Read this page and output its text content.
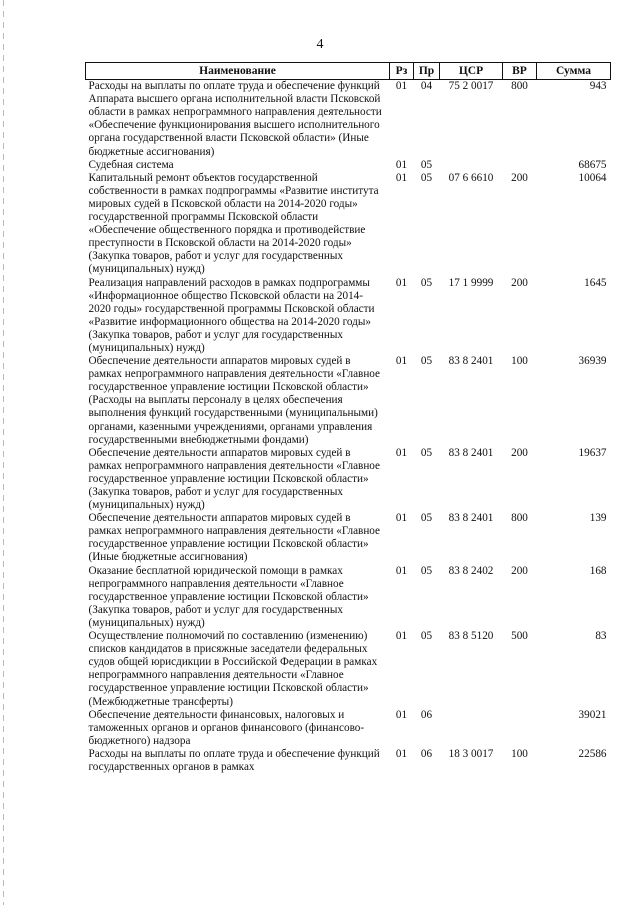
4
Наименование	Рз	Пр	ЦСР	ВР	Сумма
Расходы на выплаты по оплате труда и обеспечение функций Аппарата высшего органа исполнительной власти Псковской области в рамках непрограммного направления деятельности «Обеспечение функционирования высшего исполнительного органа государственной власти Псковской области» (Иные бюджетные ассигнования)	01	04	75 2 0017	800	943
Судебная система	01	05			68675
Капитальный ремонт объектов государственной собственности в рамках подпрограммы «Развитие института мировых судей в Псковской области на 2014-2020 годы» государственной программы Псковской области «Обеспечение общественного порядка и противодействие преступности в Псковской области на 2014-2020 годы» (Закупка товаров, работ и услуг для государственных (муниципальных) нужд)	01	05	07 6 6610	200	10064
Реализация направлений расходов в рамках подпрограммы «Информационное общество Псковской области на 2014-2020 годы» государственной программы Псковской области «Развитие информационного общества на 2014-2020 годы» (Закупка товаров, работ и услуг для государственных (муниципальных) нужд)	01	05	17 1 9999	200	1645
Обеспечение деятельности аппаратов мировых судей в рамках непрограммного направления деятельности «Главное государственное управление юстиции Псковской области» (Расходы на выплаты персоналу в целях обеспечения выполнения функций государственными (муниципальными) органами, казенными учреждениями, органами управления государственными внебюджетными фондами)	01	05	83 8 2401	100	36939
Обеспечение деятельности аппаратов мировых судей в рамках непрограммного направления деятельности «Главное государственное управление юстиции Псковской области» (Закупка товаров, работ и услуг для государственных (муниципальных) нужд)	01	05	83 8 2401	200	19637
Обеспечение деятельности аппаратов мировых судей в рамках непрограммного направления деятельности «Главное государственное управление юстиции Псковской области» (Иные бюджетные ассигнования)	01	05	83 8 2401	800	139
Оказание бесплатной юридической помощи в рамках непрограммного направления деятельности «Главное государственное управление юстиции Псковской области» (Закупка товаров, работ и услуг для государственных (муниципальных) нужд)	01	05	83 8 2402	200	168
Осуществление полномочий по составлению (изменению) списков кандидатов в присяжные заседатели федеральных судов общей юрисдикции в Российской Федерации в рамках непрограммного направления деятельности «Главное государственное управление юстиции Псковской области» (Межбюджетные трансферты)	01	05	83 8 5120	500	83
Обеспечение деятельности финансовых, налоговых и таможенных органов и органов финансового (финансово-бюджетного) надзора	01	06			39021
Расходы на выплаты по оплате труда и обеспечение функций государственных органов в рамках	01	06	18 3 0017	100	22586
